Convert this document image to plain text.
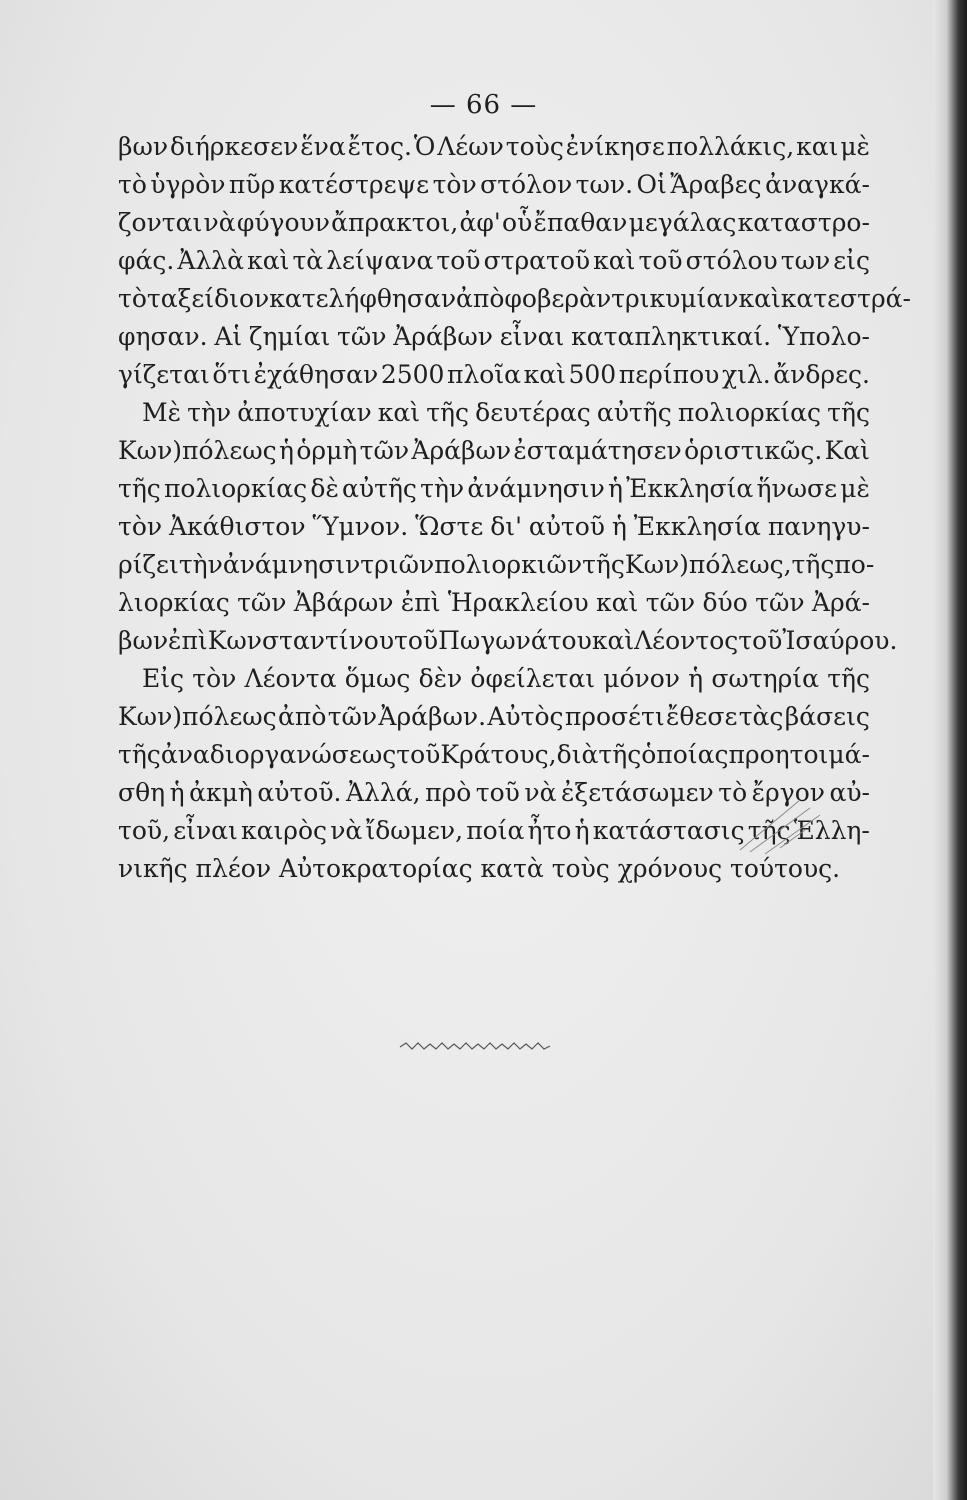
— 66 —
βων διήρκεσεν ἕνα ἔτος. Ὁ Λέων τοὺς ἐνίκησε πολλάκις, και μὲ
τὸ ὑγρὸν πῦρ κατέστρεψε τὸν στόλον των. Οἱ Ἄραβες ἀναγκά-
ζονται νὰ φύγουν ἄπρακτοι, ἀφ' οὗ ἔπαθαν μεγάλας καταστρο-
φάς. Ἀλλὰ καὶ τὰ λείψανα τοῦ στρατοῦ καὶ τοῦ στόλου των εἰς
τὸ ταξείδιον κατελήφθησαν ἀπὸ φοβερὰν τρικυμίαν καὶ κατεστρά-
φησαν. Αἱ ζημίαι τῶν Ἀράβων εἶναι καταπληκτικαί. Ὑπολο-
γίζεται ὅτι ἐχάθησαν 2500 πλοῖα καὶ 500 περίπου χιλ. ἄνδρες.
Μὲ τὴν ἀποτυχίαν καὶ τῆς δευτέρας αὐτῆς πολιορκίας τῆς
Κων)πόλεως ἡ ὁρμὴ τῶν Ἀράβων ἐσταμάτησεν ὁριστικῶς. Καὶ
τῆς πολιορκίας δὲ αὐτῆς τὴν ἀνάμνησιν ἡ Ἐκκλησία ἥνωσε μὲ
τὸν Ἀκάθιστον Ὕμνον. Ὥστε δι' αὐτοῦ ἡ Ἐκκλησία πανηγυ-
ρίζει τὴν ἀνάμνησιν τριῶν πολιορκιῶν τῆς Κων)πόλεως, τῆς πο-
λιορκίας τῶν Ἀβάρων ἐπὶ Ἡρακλείου καὶ τῶν δύο τῶν Ἀρά-
βων ἐπὶ Κωνσταντίνου τοῦ Πωγωνάτου καὶ Λέοντος τοῦ Ἰσαύρου.
Εἰς τὸν Λέοντα ὅμως δὲν ὀφείλεται μόνον ἡ σωτηρία τῆς
Κων)πόλεως ἀπὸ τῶν Ἀράβων. Αὐτὸς προσέτι ἔθεσε τὰς βάσεις
τῆς ἀναδιοργανώσεως τοῦ Κράτους, διὰ τῆς ὁποίας προητοιμά-
σθη ἡ ἀκμὴ αὐτοῦ. Ἀλλά, πρὸ τοῦ νὰ ἐξετάσωμεν τὸ ἔργον αὐ-
τοῦ, εἶναι καιρὸς νὰ ἴδωμεν, ποία ἦτο ἡ κατάστασις τῆς Ἑλλη-
νικῆς πλέον Αὐτοκρατορίας κατὰ τοὺς χρόνους τούτους.
